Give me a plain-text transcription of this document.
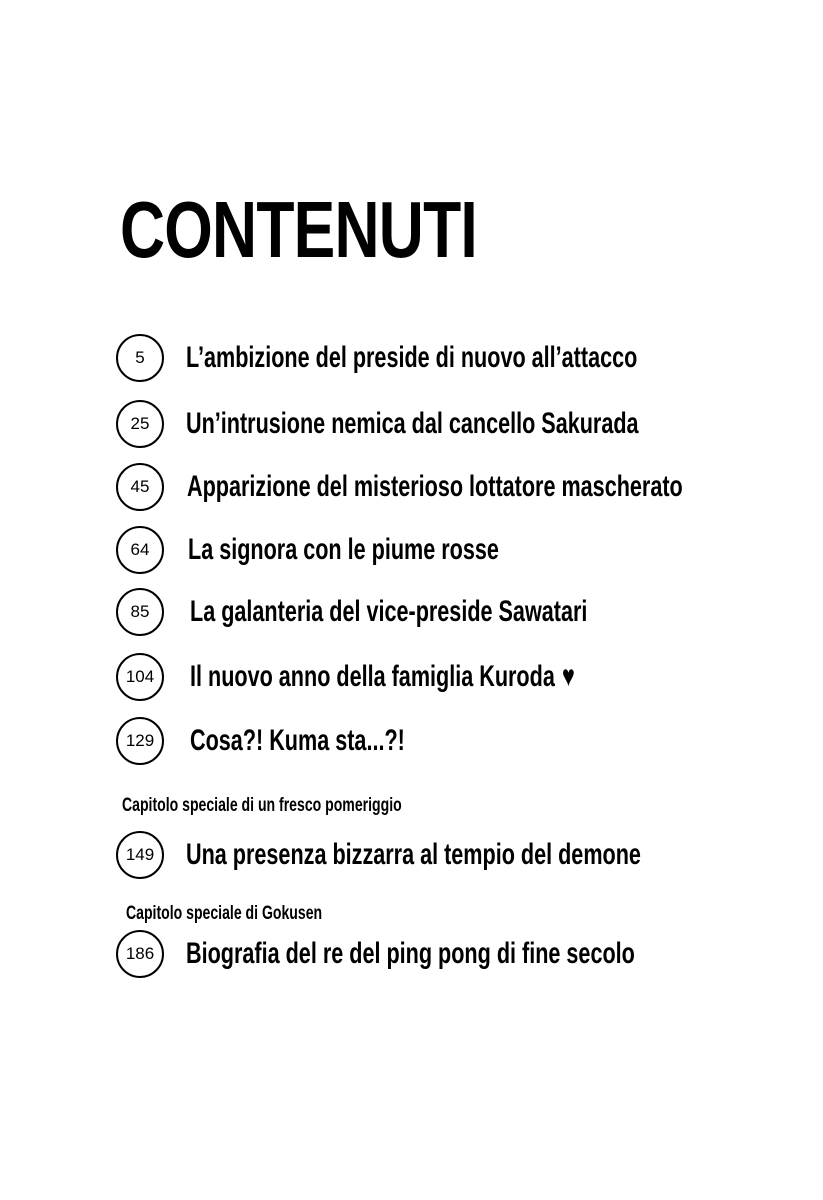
CONTENUTI
5	L’ambizione del preside di nuovo all’attacco
25	Un’intrusione nemica dal cancello Sakurada
45	Apparizione del misterioso lottatore mascherato
64	La signora con le piume rosse
85	La galanteria del vice-preside Sawatari
104	Il nuovo anno della famiglia Kuroda ♥
129	Cosa?! Kuma sta...?!
Capitolo speciale di un fresco pomeriggio
149	Una presenza bizzarra al tempio del demone
Capitolo speciale di Gokusen
186	Biografia del re del ping pong di fine secolo
